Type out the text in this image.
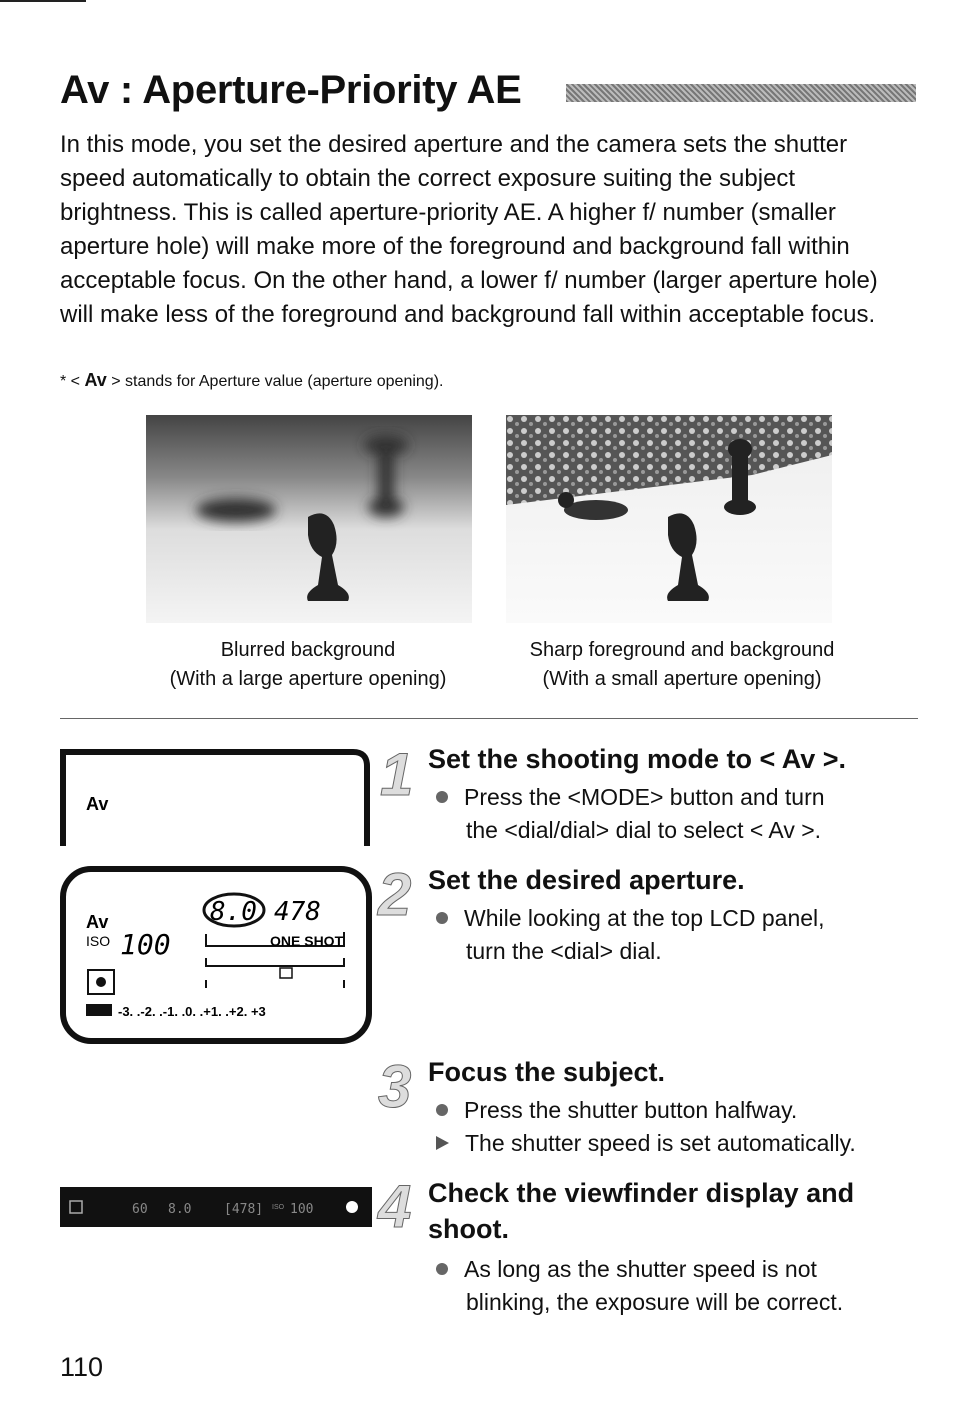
Av : Aperture-Priority AE
In this mode, you set the desired aperture and the camera sets the shutter speed automatically to obtain the correct exposure suiting the subject brightness. This is called aperture-priority AE. A higher f/ number (smaller aperture hole) will make more of the foreground and background fall within acceptable focus. On the other hand, a lower f/ number (larger aperture hole) will make less of the foreground and background fall within acceptable focus.
* < Av > stands for Aperture value (aperture opening).
Blurred background
(With a large aperture opening)
Sharp foreground and background
(With a small aperture opening)
Av
Av
ISO 100
8.0 478
ONE SHOT
-3. .-2. .-1. .0. .+1. .+2. +3
60 8.0	[478] ISO 100
1
2
3
4
Set the shooting mode to < Av >.
Press the <MODE> button and turn
the <dial/dial> dial to select < Av >.
Set the desired aperture.
While looking at the top LCD panel,
turn the <dial> dial.
Focus the subject.
Press the shutter button halfway.
The shutter speed is set automatically.
Check the viewfinder display and
shoot.
As long as the shutter speed is not
blinking, the exposure will be correct.
110
